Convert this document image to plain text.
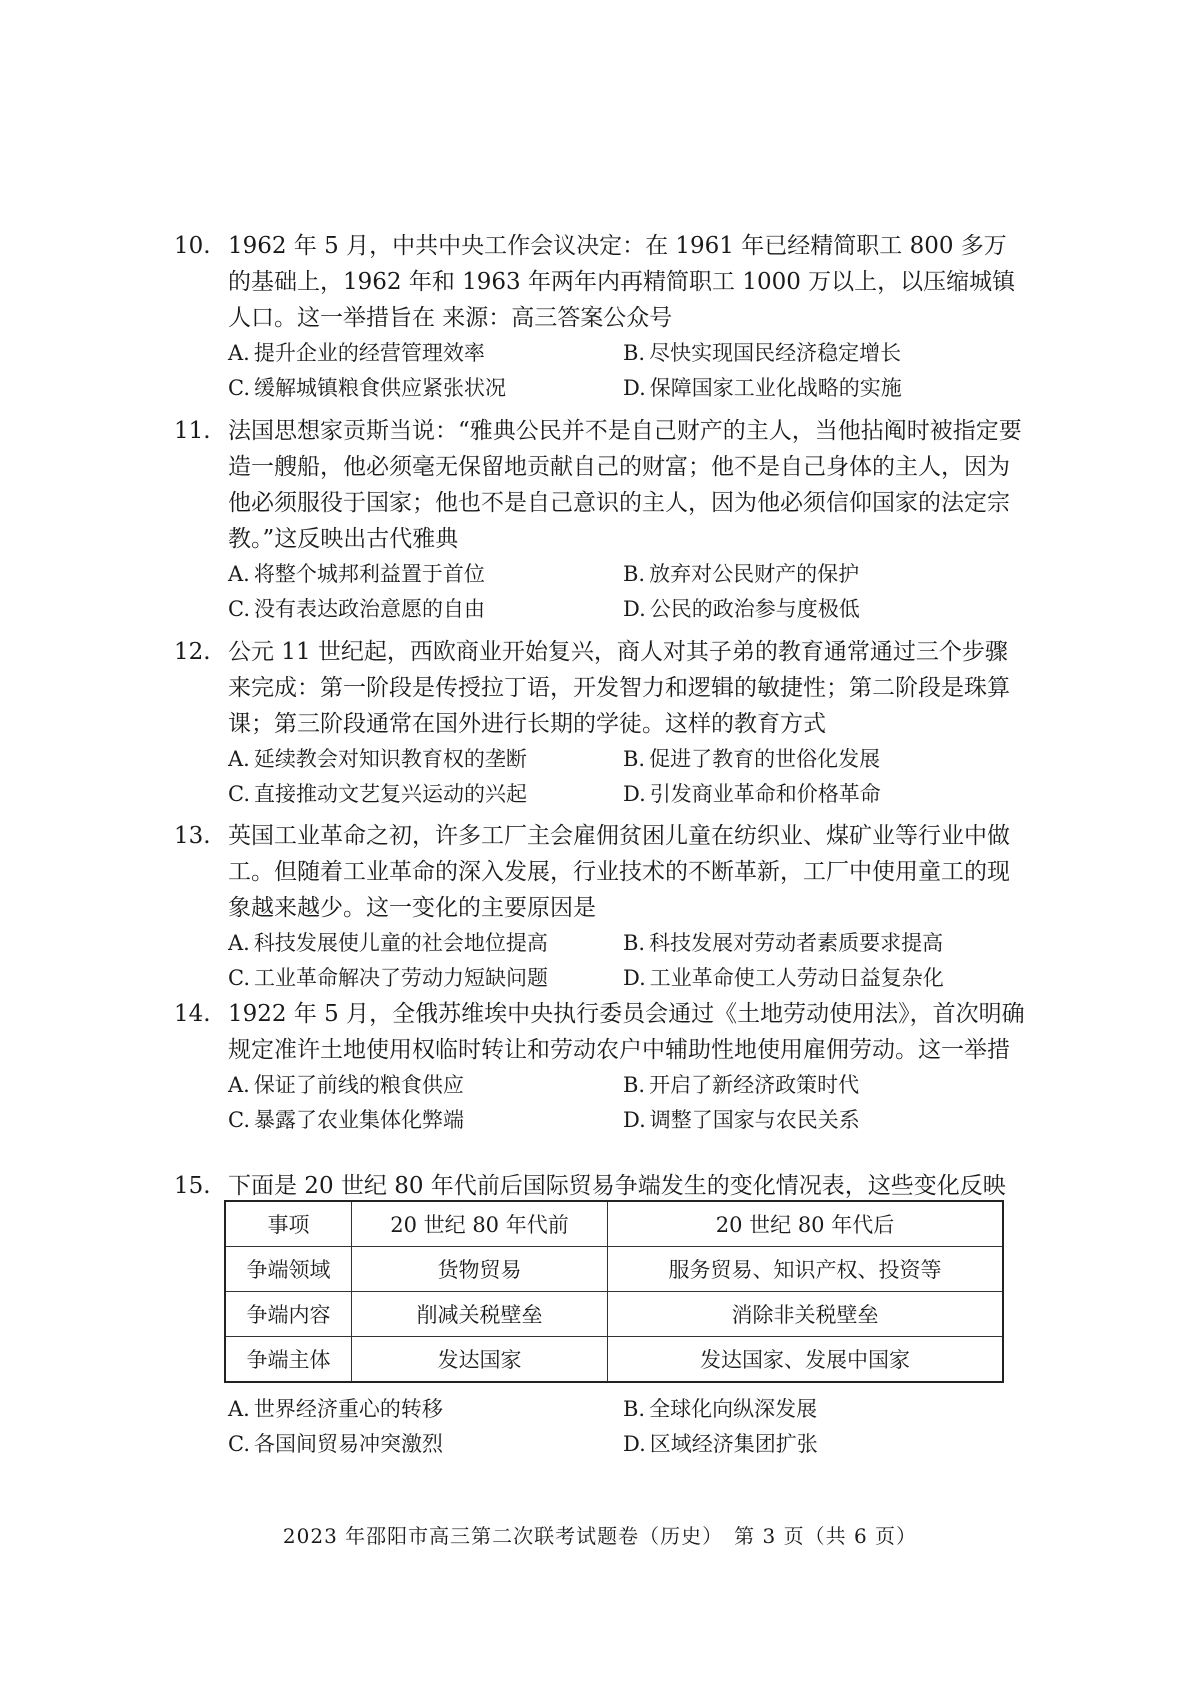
10. 1962 年 5 月，中共中央工作会议决定：在 1961 年已经精简职工 800 多万的基础上，1962 年和 1963 年两年内再精简职工 1000 万以上，以压缩城镇人口。这一举措旨在 来源：高三答案公众号
A. 提升企业的经营管理效率	B. 尽快实现国民经济稳定增长
C. 缓解城镇粮食供应紧张状况	D. 保障国家工业化战略的实施
11. 法国思想家贡斯当说：“雅典公民并不是自己财产的主人，当他拈阄时被指定要造一艘船，他必须毫无保留地贡献自己的财富；他不是自己身体的主人，因为他必须服役于国家；他也不是自己意识的主人，因为他必须信仰国家的法定宗教。”这反映出古代雅典
A. 将整个城邦利益置于首位	B. 放弃对公民财产的保护
C. 没有表达政治意愿的自由	D. 公民的政治参与度极低
12. 公元 11 世纪起，西欧商业开始复兴，商人对其子弟的教育通常通过三个步骤来完成：第一阶段是传授拉丁语，开发智力和逻辑的敏捷性；第二阶段是珠算课；第三阶段通常在国外进行长期的学徒。这样的教育方式
A. 延续教会对知识教育权的垄断	B. 促进了教育的世俗化发展
C. 直接推动文艺复兴运动的兴起	D. 引发商业革命和价格革命
13. 英国工业革命之初，许多工厂主会雇佣贫困儿童在纺织业、煤矿业等行业中做工。但随着工业革命的深入发展，行业技术的不断革新，工厂中使用童工的现象越来越少。这一变化的主要原因是
A. 科技发展使儿童的社会地位提高	B. 科技发展对劳动者素质要求提高
C. 工业革命解决了劳动力短缺问题	D. 工业革命使工人劳动日益复杂化
14. 1922 年 5 月，全俄苏维埃中央执行委员会通过《土地劳动使用法》，首次明确规定准许土地使用权临时转让和劳动农户中辅助性地使用雇佣劳动。这一举措
A. 保证了前线的粮食供应	B. 开启了新经济政策时代
C. 暴露了农业集体化弊端	D. 调整了国家与农民关系
15. 下面是 20 世纪 80 年代前后国际贸易争端发生的变化情况表，这些变化反映
事项	20 世纪 80 年代前	20 世纪 80 年代后
争端领域	货物贸易	服务贸易、知识产权、投资等
争端内容	削减关税壁垒	消除非关税壁垒
争端主体	发达国家	发达国家、发展中国家
A. 世界经济重心的转移	B. 全球化向纵深发展
C. 各国间贸易冲突激烈	D. 区域经济集团扩张
2023 年邵阳市高三第二次联考试题卷（历史）　第 3 页（共 6 页）
